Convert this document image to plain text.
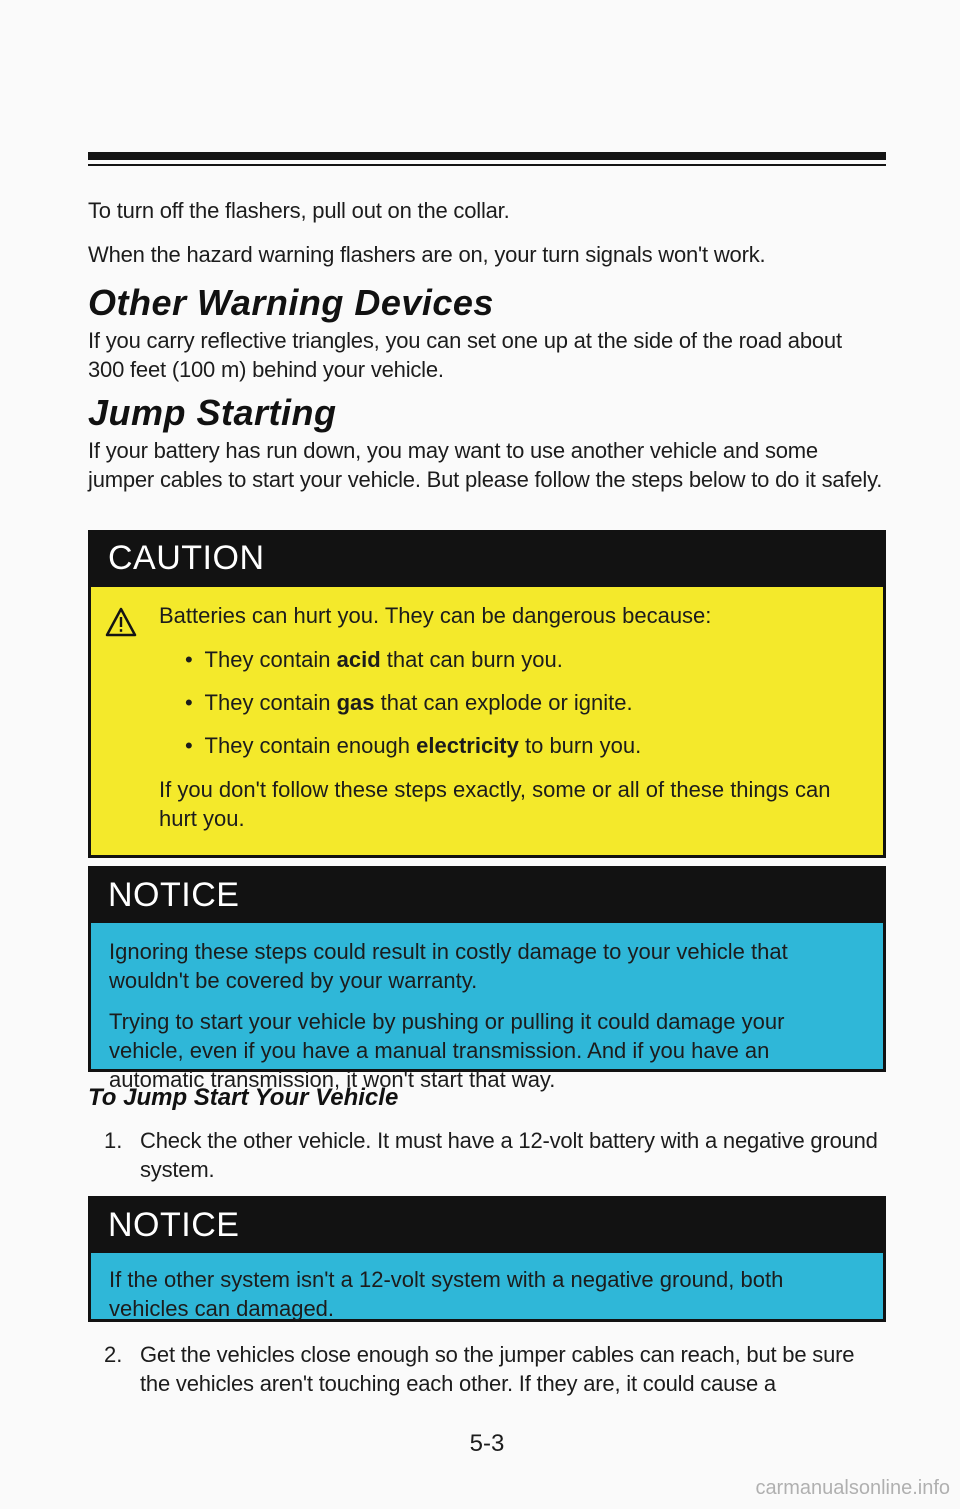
To turn off the flashers, pull out on the collar.

When the hazard warning flashers are on, your turn signals won't work.

Other Warning Devices

If you carry reflective triangles, you can set one up at the side of the road about 300 feet (100 m) behind your vehicle.

Jump Starting

If your battery has run down, you may want to use another vehicle and some jumper cables to start your vehicle. But please follow the steps below to do it safely.

CAUTION

Batteries can hurt you. They can be dangerous because:

•  They contain acid that can burn you.
•  They contain gas that can explode or ignite.
•  They contain enough electricity to burn you.

If you don't follow these steps exactly, some or all of these things can hurt you.

NOTICE

Ignoring these steps could result in costly damage to your vehicle that wouldn't be covered by your warranty.

Trying to start your vehicle by pushing or pulling it could damage your vehicle, even if you have a manual transmission. And if you have an automatic transmission, it won't start that way.

To Jump Start Your Vehicle
1. Check the other vehicle. It must have a 12-volt battery with a negative ground system.

NOTICE

If the other system isn't a 12-volt system with a negative ground, both vehicles can damaged.

2. Get the vehicles close enough so the jumper cables can reach, but be sure the vehicles aren't touching each other. If they are, it could cause a

5-3
carmanualsonline.info
